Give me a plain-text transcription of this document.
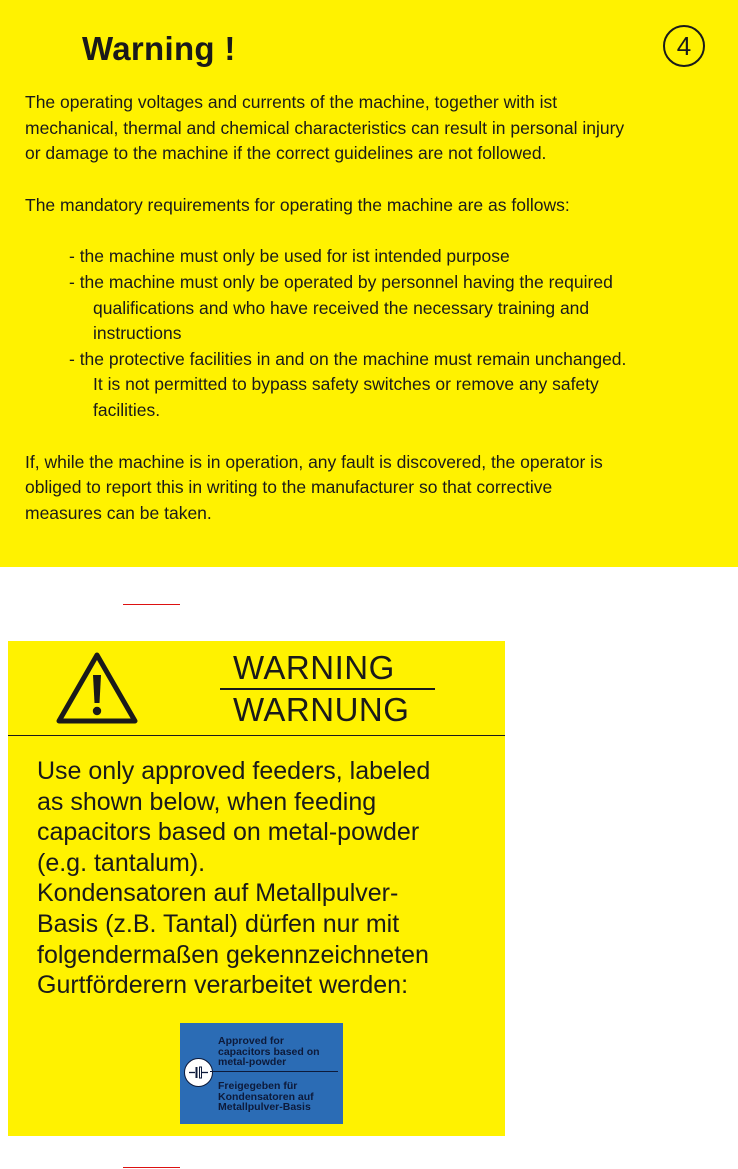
Warning !	4

The operating voltages and currents of the machine, together with ist
mechanical, thermal and chemical characteristics can result in personal injury
or damage to the machine if the correct guidelines are not followed.

The mandatory requirements for operating the machine are as follows:

- the machine must only be used for ist intended purpose
- the machine must only be operated by personnel having the required
qualifications and who have received the necessary training and
instructions
- the protective facilities in and on the machine must remain unchanged.
It is not permitted to bypass safety switches or remove any safety
facilities.

If, while the machine is in operation, any fault is discovered, the operator is
obliged to report this in writing to the manufacturer so that corrective
measures can be taken.

WARNING
WARNUNG
Use only approved feeders, labeled
as shown below, when feeding
capacitors based on metal-powder
(e.g. tantalum).
Kondensatoren auf Metallpulver-
Basis (z.B. Tantal) dürfen nur mit
folgendermaßen gekennzeichneten
Gurtförderern verarbeitet werden:
Approved for
capacitors based on
metal-powder
Freigegeben für
Kondensatoren auf
Metallpulver-Basis
